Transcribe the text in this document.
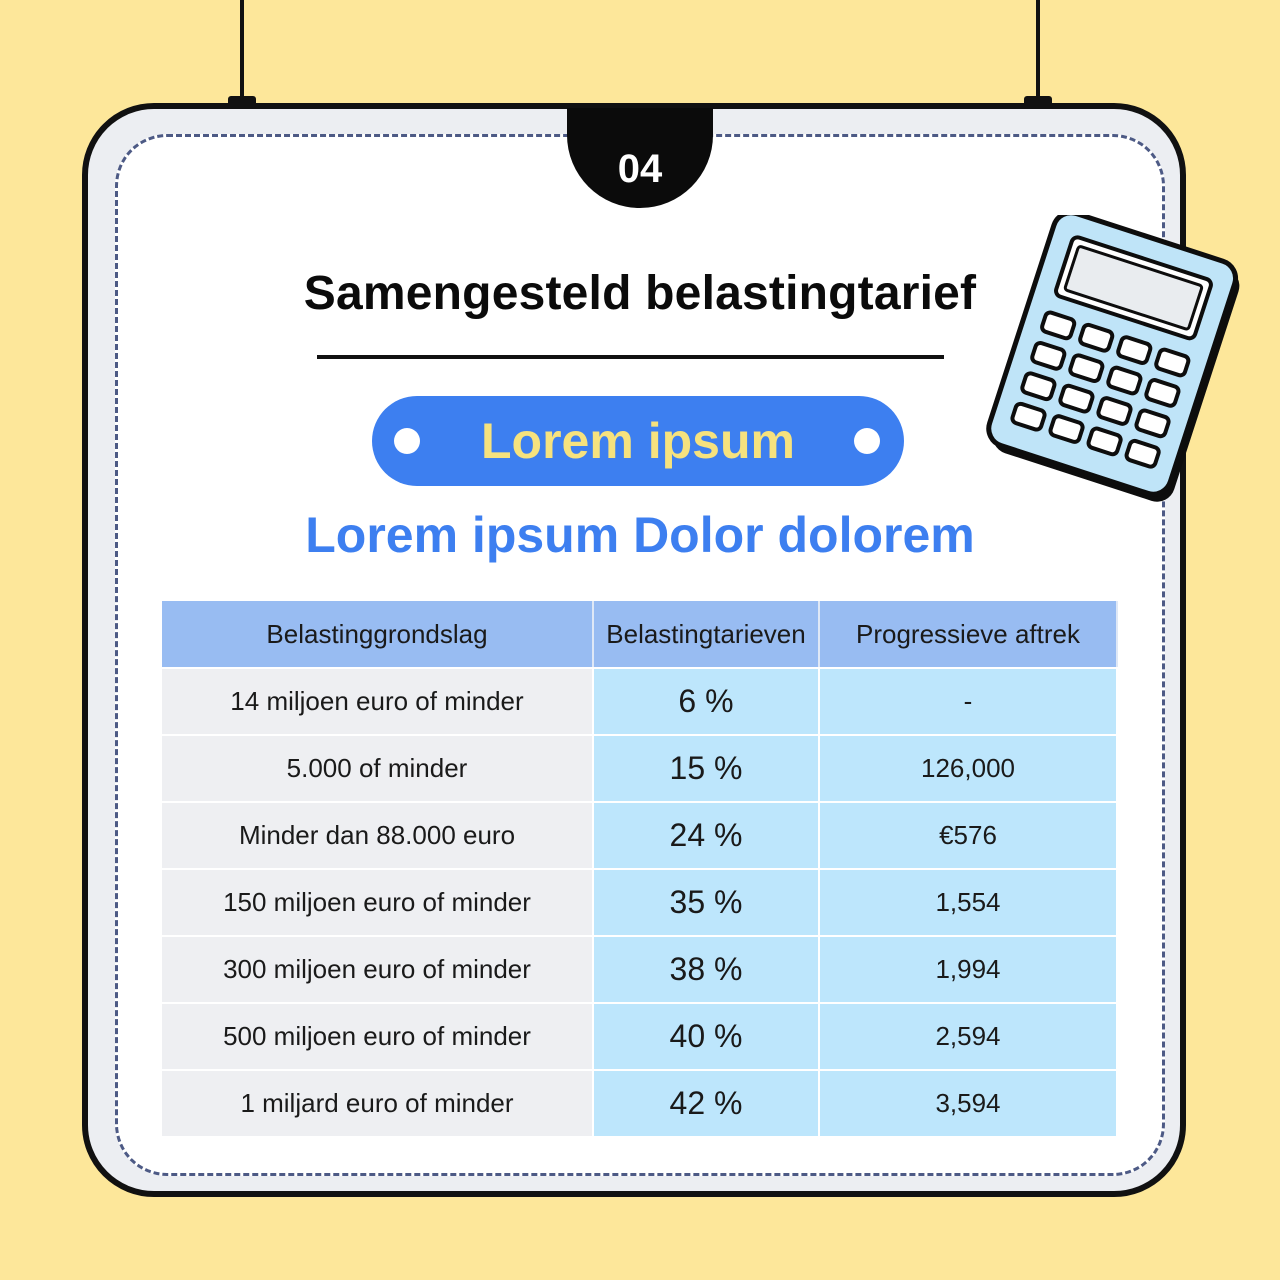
04
Samengesteld belastingtarief
Lorem ipsum
Lorem ipsum Dolor dolorem
Belastinggrondslag	Belastingtarieven	Progressieve aftrek
14 miljoen euro of minder	6 %	-
5.000 of minder	15 %	126,000
Minder dan 88.000 euro	24 %	€576
150 miljoen euro of minder	35 %	1,554
300 miljoen euro of minder	38 %	1,994
500 miljoen euro of minder	40 %	2,594
1 miljard euro of minder	42 %	3,594
